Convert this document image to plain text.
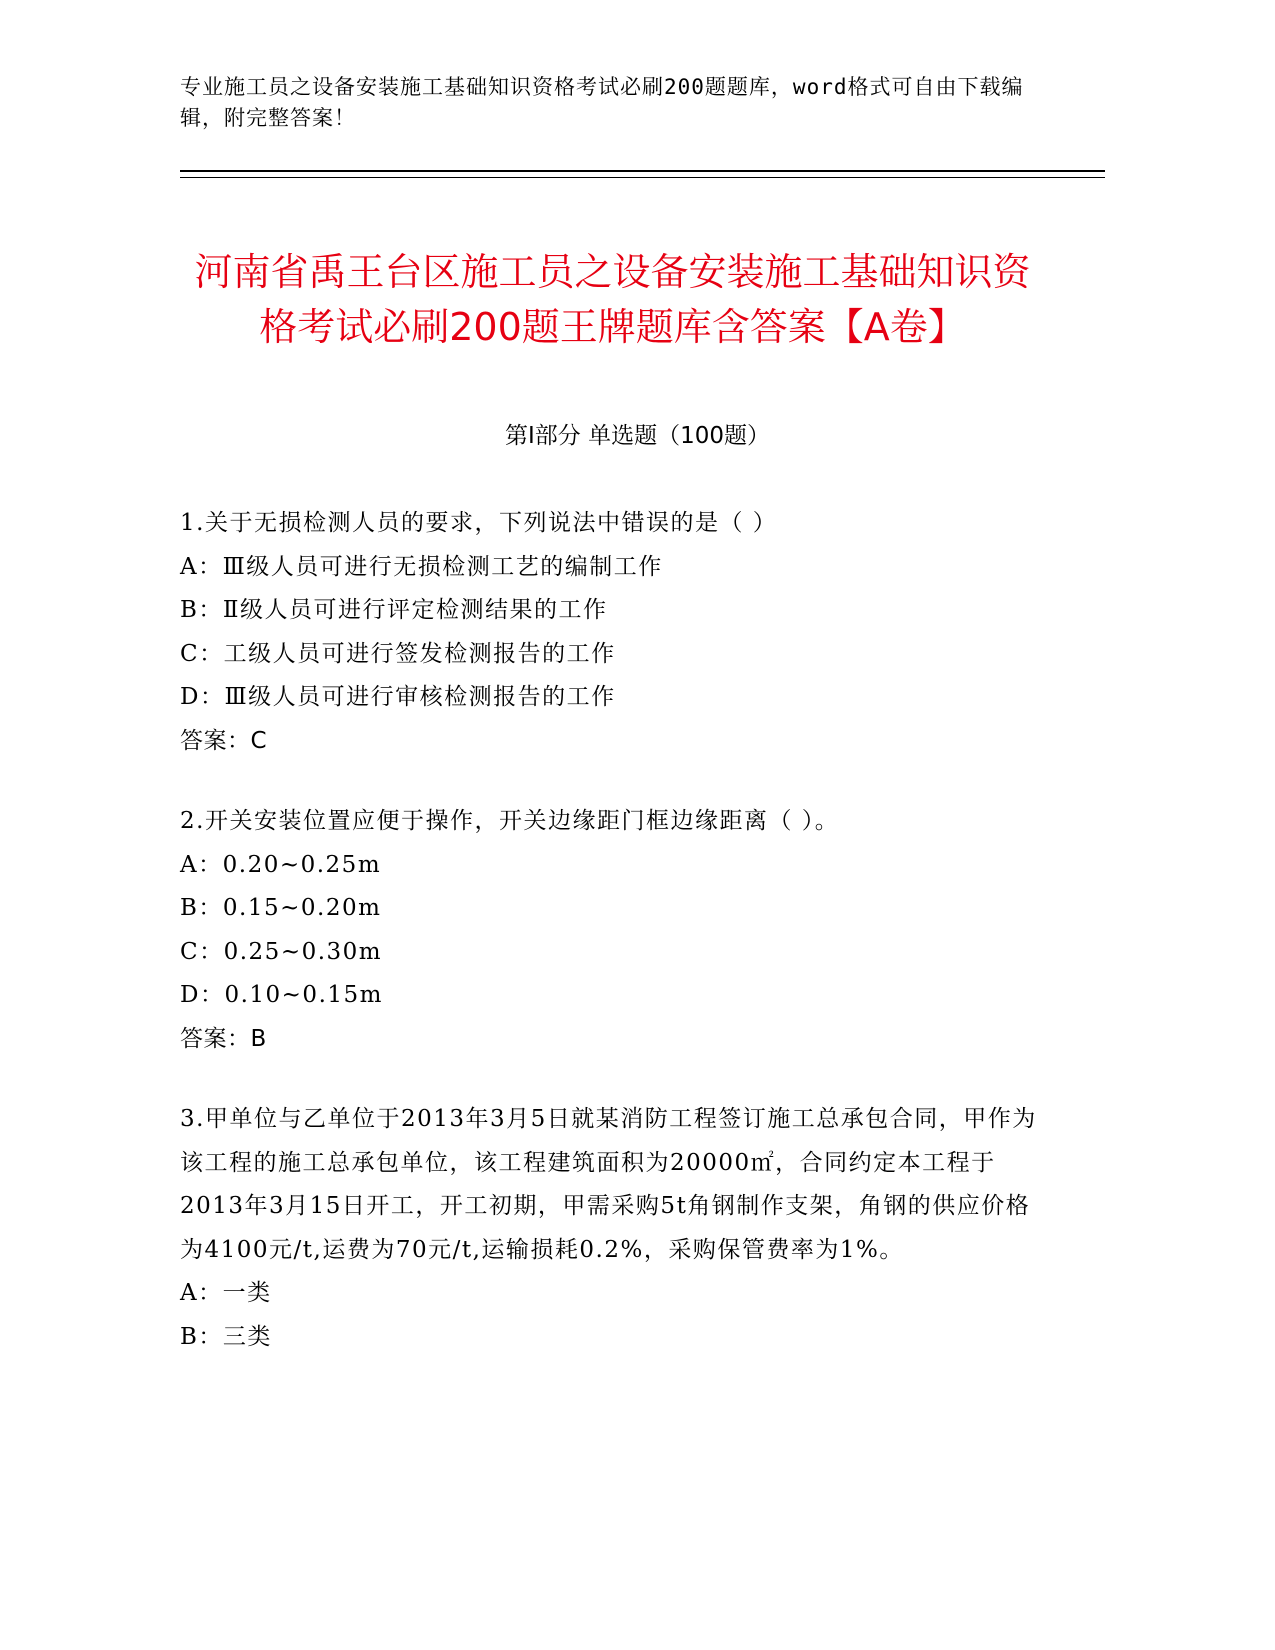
专业施工员之设备安装施工基础知识资格考试必刷200题题库，word格式可自由下载编辑，附完整答案！
河南省禹王台区施工员之设备安装施工基础知识资格考试必刷200题王牌题库含答案【A卷】
第Ⅰ部分 单选题（100题）
1.关于无损检测人员的要求，下列说法中错误的是（ ）
A：Ⅲ级人员可进行无损检测工艺的编制工作
B：Ⅱ级人员可进行评定检测结果的工作
C：工级人员可进行签发检测报告的工作
D：Ⅲ级人员可进行审核检测报告的工作
答案：C
2.开关安装位置应便于操作，开关边缘距门框边缘距离（ ）。
A：0.20~0.25m
B：0.15~0.20m
C：0.25~0.30m
D：0.10~0.15m
答案：B
3.甲单位与乙单位于2013年3月5日就某消防工程签订施工总承包合同，甲作为该工程的施工总承包单位，该工程建筑面积为20000㎡，合同约定本工程于2013年3月15日开工，开工初期，甲需采购5t角钢制作支架，角钢的供应价格为4100元/t,运费为70元/t,运输损耗0.2%，采购保管费率为1%。
A：一类
B：三类
